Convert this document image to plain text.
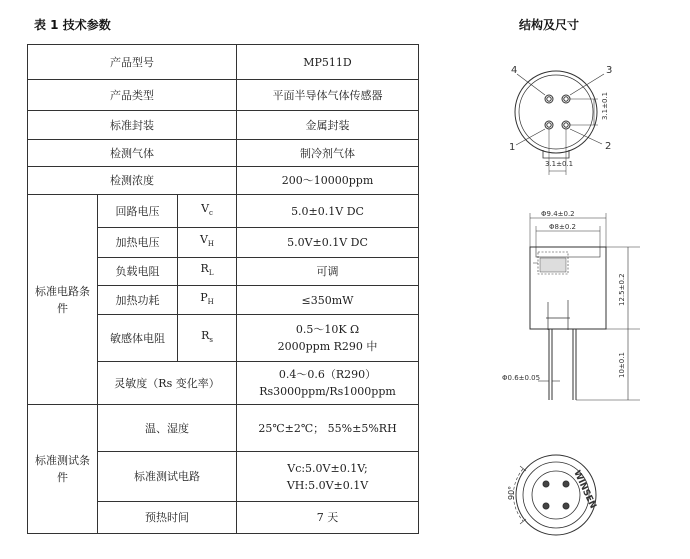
表 1 技术参数	结构及尺寸
产品型号			MP511D
产品类型			平面半导体气体传感器
标准封装			金属封装
检测气体			制冷剂气体
检测浓度			200～10000ppm
标准电路条件	回路电压	$V_c$	5.0±0.1V DC
	加热电压	$V_H$	5.0V±0.1V DC
	负载电阻	$R_L$	可调
	加热功耗	$P_H$	≤350mW
	敏感体电阻	$R_s$	0.5～10K Ω
2000ppm R290 中

	灵敏度（Rs 变化率）		0.4～0.6（R290）
Rs3000ppm/Rs1000ppm

标准测试条件	温、湿度		25℃±2℃； 55%±5%RH
	标准测试电路		Vc:5.0V±0.1V;
VH:5.0V±0.1V

	预热时间		7 天
4	3
1	2
3.1±0.1
3.1±0.1
Φ9.4±0.2
Φ8±0.2
12.5±0.2
10±0.1
Φ0.6±0.05
90°	WINSEN
